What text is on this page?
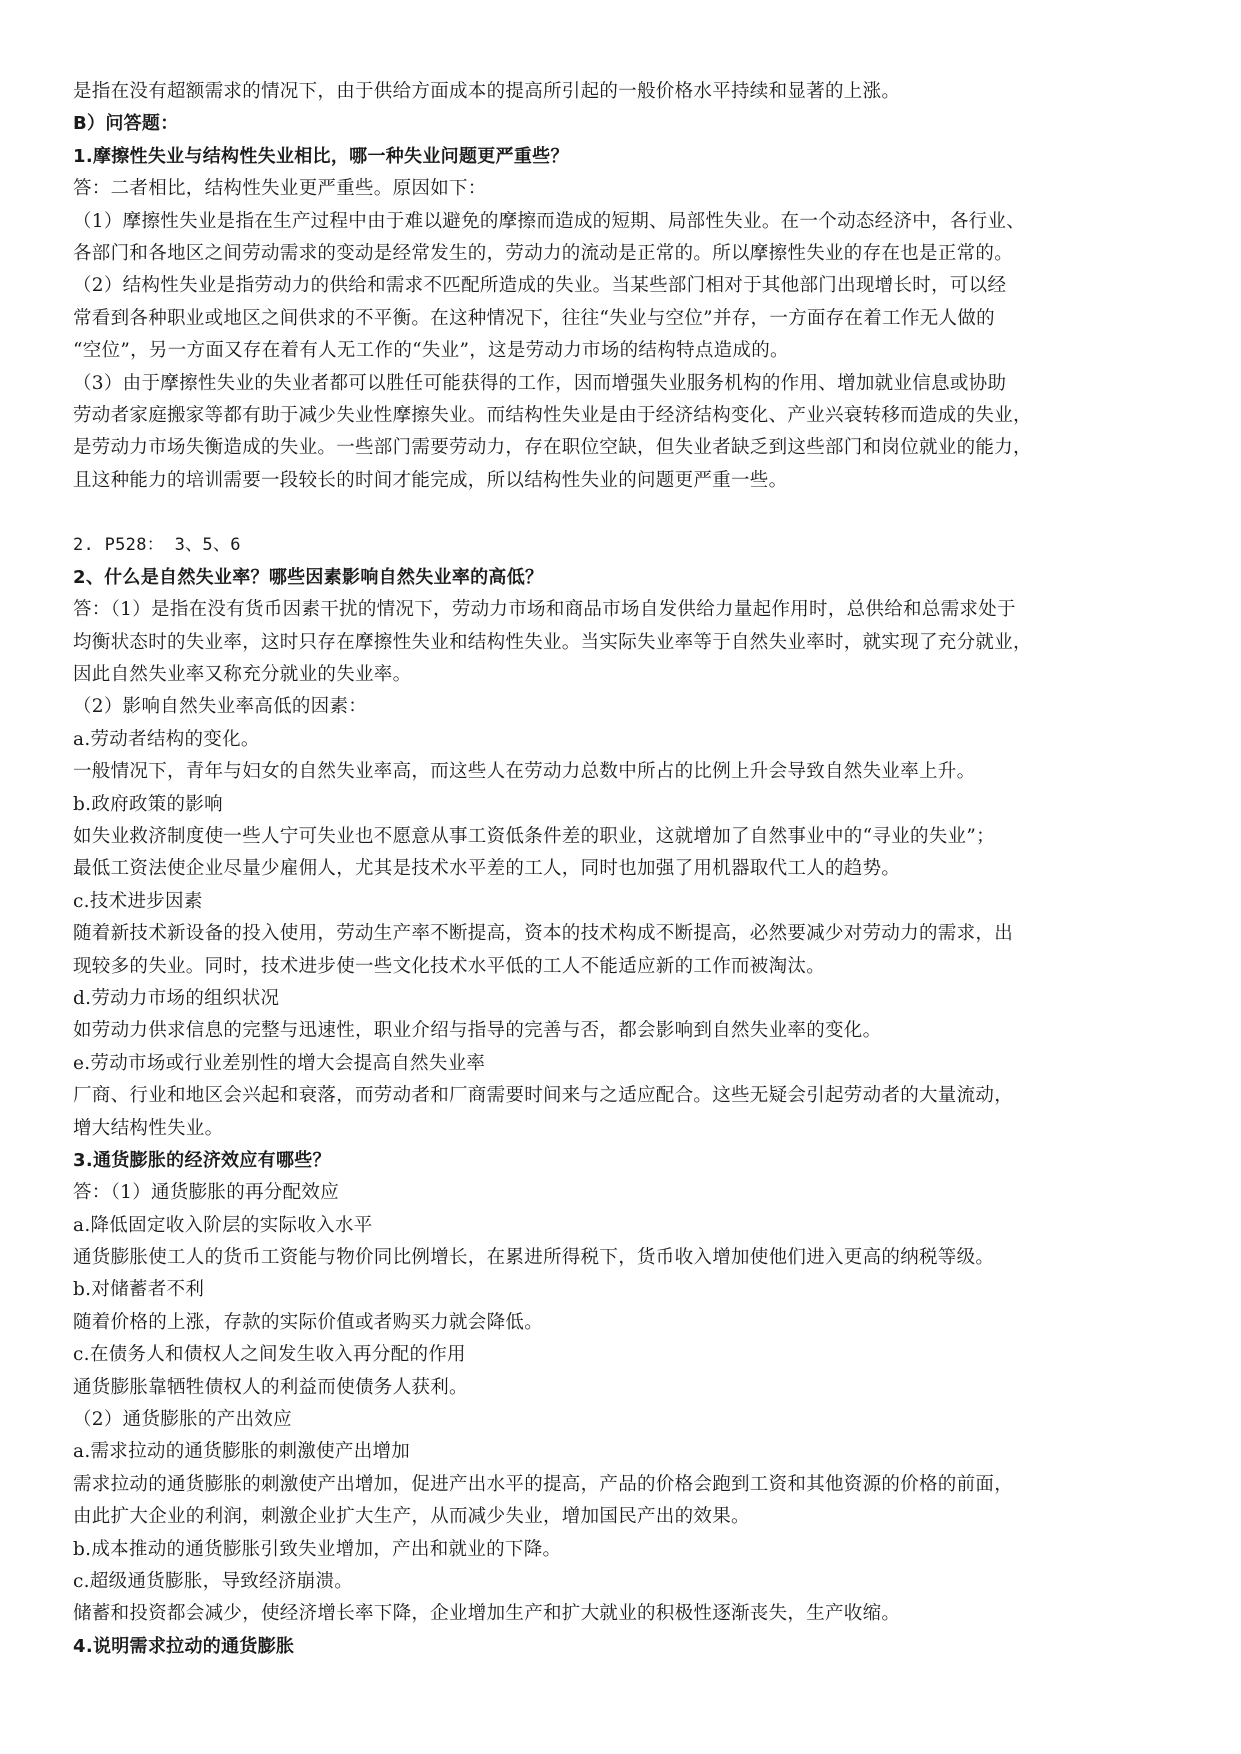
是指在没有超额需求的情况下，由于供给方面成本的提高所引起的一般价格水平持续和显著的上涨。
B）问答题：
1.摩擦性失业与结构性失业相比，哪一种失业问题更严重些？
答：二者相比，结构性失业更严重些。原因如下：
（1）摩擦性失业是指在生产过程中由于难以避免的摩擦而造成的短期、局部性失业。在一个动态经济中，各行业、
各部门和各地区之间劳动需求的变动是经常发生的，劳动力的流动是正常的。所以摩擦性失业的存在也是正常的。
（2）结构性失业是指劳动力的供给和需求不匹配所造成的失业。当某些部门相对于其他部门出现增长时，可以经
常看到各种职业或地区之间供求的不平衡。在这种情况下，往往“失业与空位”并存，一方面存在着工作无人做的
“空位”，另一方面又存在着有人无工作的“失业”，这是劳动力市场的结构特点造成的。
（3）由于摩擦性失业的失业者都可以胜任可能获得的工作，因而增强失业服务机构的作用、增加就业信息或协助
劳动者家庭搬家等都有助于减少失业性摩擦失业。而结构性失业是由于经济结构变化、产业兴衰转移而造成的失业，
是劳动力市场失衡造成的失业。一些部门需要劳动力，存在职位空缺，但失业者缺乏到这些部门和岗位就业的能力，
且这种能力的培训需要一段较长的时间才能完成，所以结构性失业的问题更严重一些。
2. P528： 3、5、6
2、什么是自然失业率？哪些因素影响自然失业率的高低？
答：（1）是指在没有货币因素干扰的情况下，劳动力市场和商品市场自发供给力量起作用时，总供给和总需求处于
均衡状态时的失业率，这时只存在摩擦性失业和结构性失业。当实际失业率等于自然失业率时，就实现了充分就业，
因此自然失业率又称充分就业的失业率。
（2）影响自然失业率高低的因素：
a.劳动者结构的变化。
一般情况下，青年与妇女的自然失业率高，而这些人在劳动力总数中所占的比例上升会导致自然失业率上升。
b.政府政策的影响
如失业救济制度使一些人宁可失业也不愿意从事工资低条件差的职业，这就增加了自然事业中的“寻业的失业”；
最低工资法使企业尽量少雇佣人，尤其是技术水平差的工人，同时也加强了用机器取代工人的趋势。
c.技术进步因素
随着新技术新设备的投入使用，劳动生产率不断提高，资本的技术构成不断提高，必然要减少对劳动力的需求，出
现较多的失业。同时，技术进步使一些文化技术水平低的工人不能适应新的工作而被淘汰。
d.劳动力市场的组织状况
如劳动力供求信息的完整与迅速性，职业介绍与指导的完善与否，都会影响到自然失业率的变化。
e.劳动市场或行业差别性的增大会提高自然失业率
厂商、行业和地区会兴起和衰落，而劳动者和厂商需要时间来与之适应配合。这些无疑会引起劳动者的大量流动，
增大结构性失业。
3.通货膨胀的经济效应有哪些？
答：（1）通货膨胀的再分配效应
a.降低固定收入阶层的实际收入水平
通货膨胀使工人的货币工资能与物价同比例增长，在累进所得税下，货币收入增加使他们进入更高的纳税等级。
b.对储蓄者不利
随着价格的上涨，存款的实际价值或者购买力就会降低。
c.在债务人和债权人之间发生收入再分配的作用
通货膨胀靠牺牲债权人的利益而使债务人获利。
（2）通货膨胀的产出效应
a.需求拉动的通货膨胀的刺激使产出增加
需求拉动的通货膨胀的刺激使产出增加，促进产出水平的提高，产品的价格会跑到工资和其他资源的价格的前面，
由此扩大企业的利润，刺激企业扩大生产，从而减少失业，增加国民产出的效果。
b.成本推动的通货膨胀引致失业增加，产出和就业的下降。
c.超级通货膨胀，导致经济崩溃。
储蓄和投资都会减少，使经济增长率下降，企业增加生产和扩大就业的积极性逐渐丧失，生产收缩。
4.说明需求拉动的通货膨胀
